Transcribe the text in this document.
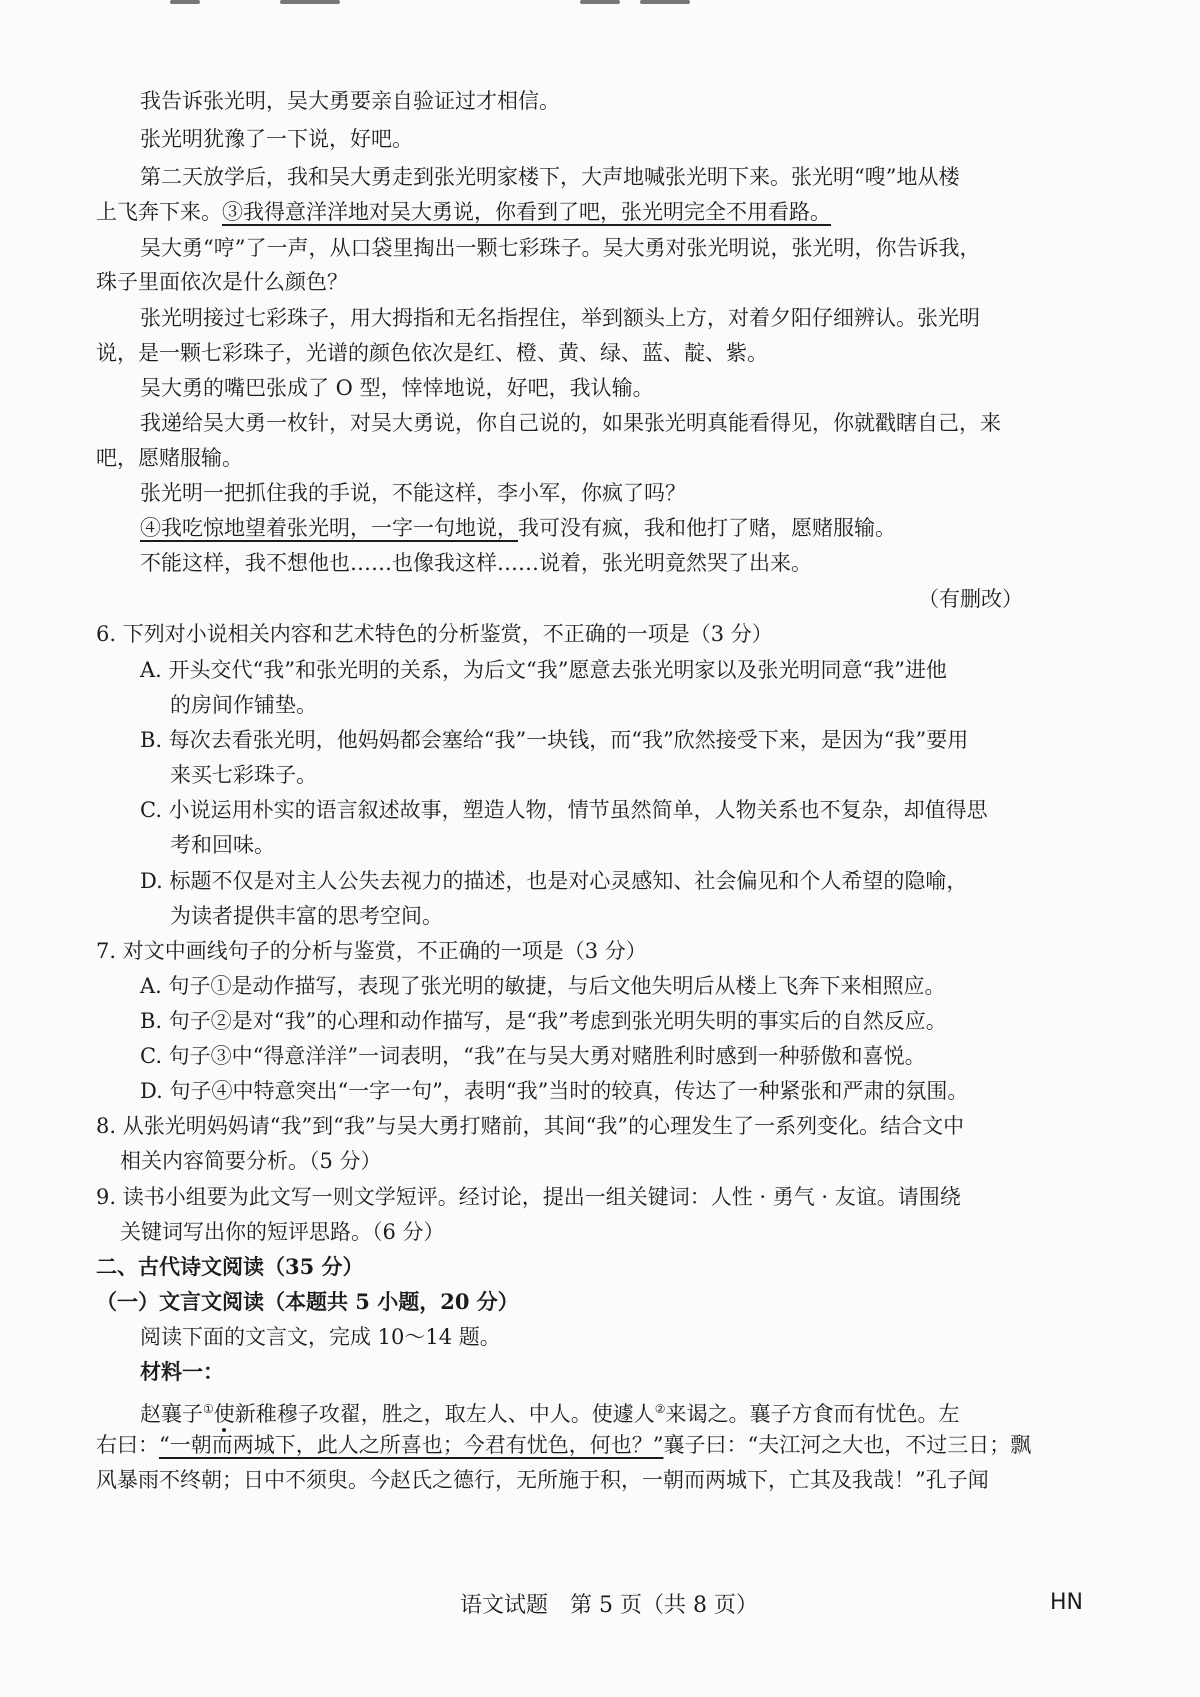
我告诉张光明，吴大勇要亲自验证过才相信。

张光明犹豫了一下说，好吧。

第二天放学后，我和吴大勇走到张光明家楼下，大声地喊张光明下来。张光明“嗖”地从楼

上飞奔下来。③我得意洋洋地对吴大勇说，你看到了吧，张光明完全不用看路。

吴大勇“哼”了一声，从口袋里掏出一颗七彩珠子。吴大勇对张光明说，张光明，你告诉我，

珠子里面依次是什么颜色？

张光明接过七彩珠子，用大拇指和无名指捏住，举到额头上方，对着夕阳仔细辨认。张光明

说，是一颗七彩珠子，光谱的颜色依次是红、橙、黄、绿、蓝、靛、紫。

吴大勇的嘴巴张成了 O 型，悻悻地说，好吧，我认输。

我递给吴大勇一枚针，对吴大勇说，你自己说的，如果张光明真能看得见，你就戳瞎自己，来

吧，愿赌服输。

张光明一把抓住我的手说，不能这样，李小军，你疯了吗？

④我吃惊地望着张光明，一字一句地说，我可没有疯，我和他打了赌，愿赌服输。

不能这样，我不想他也……也像我这样……说着，张光明竟然哭了出来。

（有删改）

6. 下列对小说相关内容和艺术特色的分析鉴赏，不正确的一项是（3 分）

A. 开头交代“我”和张光明的关系，为后文“我”愿意去张光明家以及张光明同意“我”进他

的房间作铺垫。

B. 每次去看张光明，他妈妈都会塞给“我”一块钱，而“我”欣然接受下来，是因为“我”要用

来买七彩珠子。

C. 小说运用朴实的语言叙述故事，塑造人物，情节虽然简单，人物关系也不复杂，却值得思

考和回味。

D. 标题不仅是对主人公失去视力的描述，也是对心灵感知、社会偏见和个人希望的隐喻，

为读者提供丰富的思考空间。

7. 对文中画线句子的分析与鉴赏，不正确的一项是（3 分）

A. 句子①是动作描写，表现了张光明的敏捷，与后文他失明后从楼上飞奔下来相照应。

B. 句子②是对“我”的心理和动作描写，是“我”考虑到张光明失明的事实后的自然反应。

C. 句子③中“得意洋洋”一词表明，“我”在与吴大勇对赌胜利时感到一种骄傲和喜悦。

D. 句子④中特意突出“一字一句”，表明“我”当时的较真，传达了一种紧张和严肃的氛围。

8. 从张光明妈妈请“我”到“我”与吴大勇打赌前，其间“我”的心理发生了一系列变化。结合文中

相关内容简要分析。（5 分）

9. 读书小组要为此文写一则文学短评。经讨论，提出一组关键词：人性 · 勇气 · 友谊。请围绕

关键词写出你的短评思路。（6 分）

二、古代诗文阅读（35 分）

（一）文言文阅读（本题共 5 小题，20 分）

阅读下面的文言文，完成 10～14 题。

材料一：

赵襄子①使新稚穆子攻翟，胜之，取左人、中人。使遽人②来谒之。襄子方食而有忧色。左

右曰：“一朝而两城下，此人之所喜也；今君有忧色，何也？”襄子曰：“夫江河之大也，不过三日；飘

风暴雨不终朝；日中不须臾。今赵氏之德行，无所施于积，一朝而两城下，亡其及我哉！”孔子闻

语文试题　第 5 页（共 8 页）	HN
